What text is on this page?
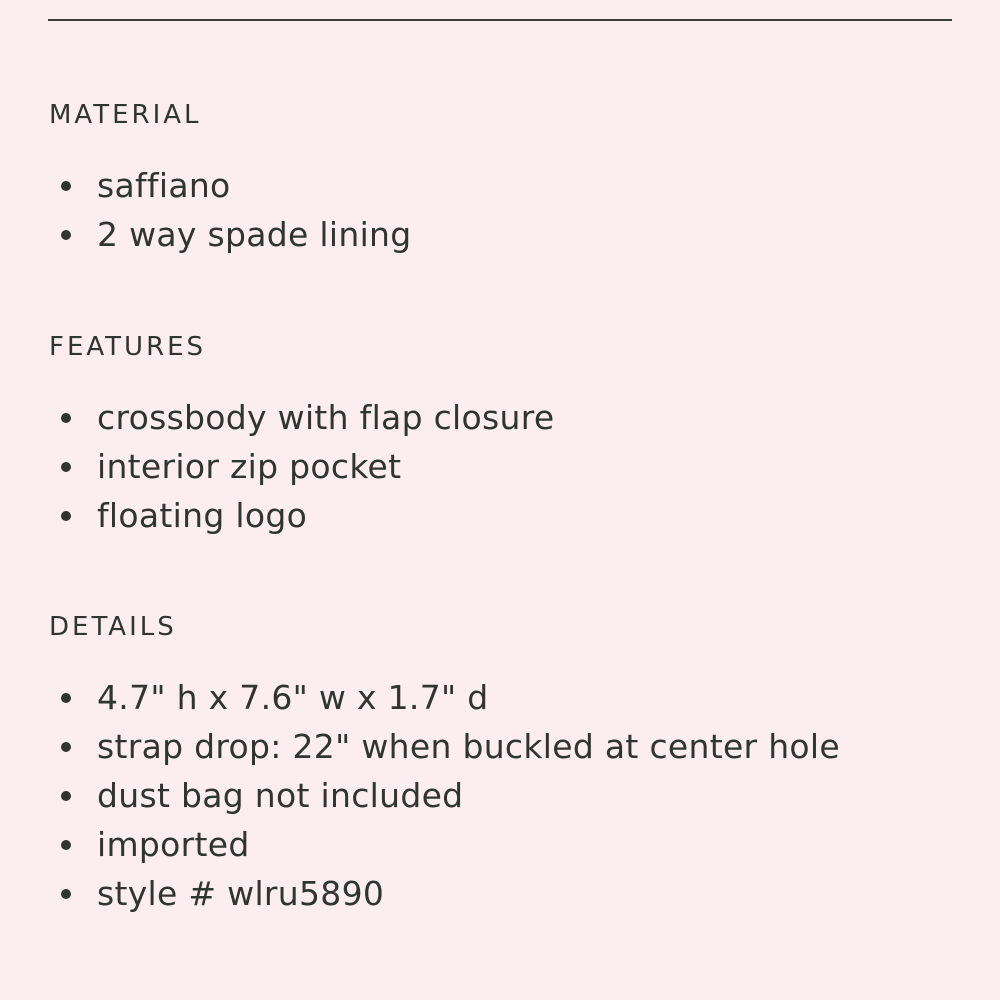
MATERIAL
saffiano
2 way spade lining
FEATURES
crossbody with flap closure
interior zip pocket
floating logo
DETAILS
4.7" h x 7.6" w x 1.7" d
strap drop: 22" when buckled at center hole
dust bag not included
imported
style # wlru5890
